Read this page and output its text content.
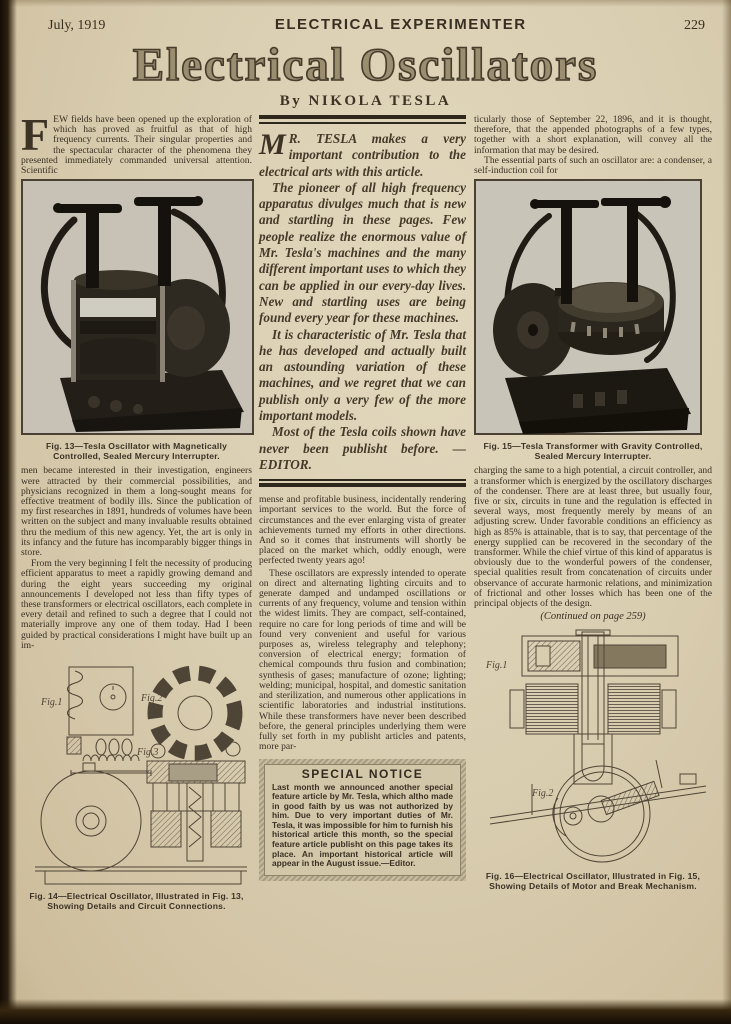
July, 1919	ELECTRICAL EXPERIMENTER	229
Electrical Oscillators
By NIKOLA TESLA

FEW fields have been opened up the exploration of which has proved as fruitful as that of high frequency currents. Their singular properties and the spectacular character of the phenomena they presented immediately commanded universal attention. Scientific

Fig. 13—Tesla Oscillator with Magnetically Controlled, Sealed Mercury Interrupter.

men became interested in their investigation, engineers were attracted by their commercial possibilities, and physicians recognized in them a long-sought means for effective treatment of bodily ills. Since the publication of my first researches in 1891, hundreds of volumes have been written on the subject and many invaluable results obtained thru the medium of this new agency. Yet, the art is only in its infancy and the future has incomparably bigger things in store.

From the very beginning I felt the necessity of producing efficient apparatus to meet a rapidly growing demand and during the eight years succeeding my original announcements I developed not less than fifty types of these transformers or electrical oscillators, each complete in every detail and refined to such a degree that I could not materially improve any one of them today. Had I been guided by practical considerations I might have built up an im-

Fig.1	Fig.2
Fig.3
Fig. 14—Electrical Oscillator, Illustrated in Fig. 13, Showing Details and Circuit Connections.

M R. TESLA makes a very important contribution to the electrical arts with this article.

The pioneer of all high frequency apparatus divulges much that is new and startling in these pages. Few people realize the enormous value of Mr. Tesla's machines and the many different important uses to which they can be applied in our every-day lives. New and startling uses are being found every year for these machines.

It is characteristic of Mr. Tesla that he has developed and actually built an astounding variation of these machines, and we regret that we can publish only a very few of the more important models.

Most of the Tesla coils shown have never been publisht before. —EDITOR.

mense and profitable business, incidentally rendering important services to the world. But the force of circumstances and the ever enlarging vista of greater achievements turned my efforts in other directions. And so it comes that instruments will shortly be placed on the market which, oddly enough, were perfected twenty years ago!

These oscillators are expressly intended to operate on direct and alternating lighting circuits and to generate damped and undamped oscillations or currents of any frequency, volume and tension within the widest limits. They are compact, self-contained, require no care for long periods of time and will be found very convenient and useful for various purposes as, wireless telegraphy and telephony; conversion of electrical energy; formation of chemical compounds thru fusion and combination; synthesis of gases; manufacture of ozone; lighting; welding; municipal, hospital, and domestic sanitation and sterilization, and numerous other applications in scientific laboratories and industrial institutions. While these transformers have never been described before, the general principles underlying them were fully set forth in my publisht articles and patents, more par-

SPECIAL NOTICE
Last month we announced another special feature article by Mr. Tesla, which altho made in good faith by us was not authorized by him. Due to very important duties of Mr. Tesla, it was impossible for him to furnish his historical article this month, so the special feature article publisht on this page takes its place. An important historical article will appear in the August issue.—Editor.

ticularly those of September 22, 1896, and it is thought, therefore, that the appended photographs of a few types, together with a short explanation, will convey all the information that may be desired.

The essential parts of such an oscillator are: a condenser, a self-induction coil for

Fig. 15—Tesla Transformer with Gravity Controlled, Sealed Mercury Interrupter.

charging the same to a high potential, a circuit controller, and a transformer which is energized by the oscillatory discharges of the condenser. There are at least three, but usually four, five or six, circuits in tune and the regulation is effected in several ways, most frequently merely by means of an adjusting screw. Under favorable conditions an efficiency as high as 85% is attainable, that is to say, that percentage of the energy supplied can be recovered in the secondary of the transformer. While the chief virtue of this kind of apparatus is obviously due to the wonderful powers of the condenser, special qualities result from concatenation of circuits under observance of accurate harmonic relations, and minimization of frictional and other losses which has been one of the principal objects of the design.

(Continued on page 259)

Fig.1
Fig.2
Fig. 16—Electrical Oscillator, Illustrated in Fig. 15, Showing Details of Motor and Break Mechanism.
